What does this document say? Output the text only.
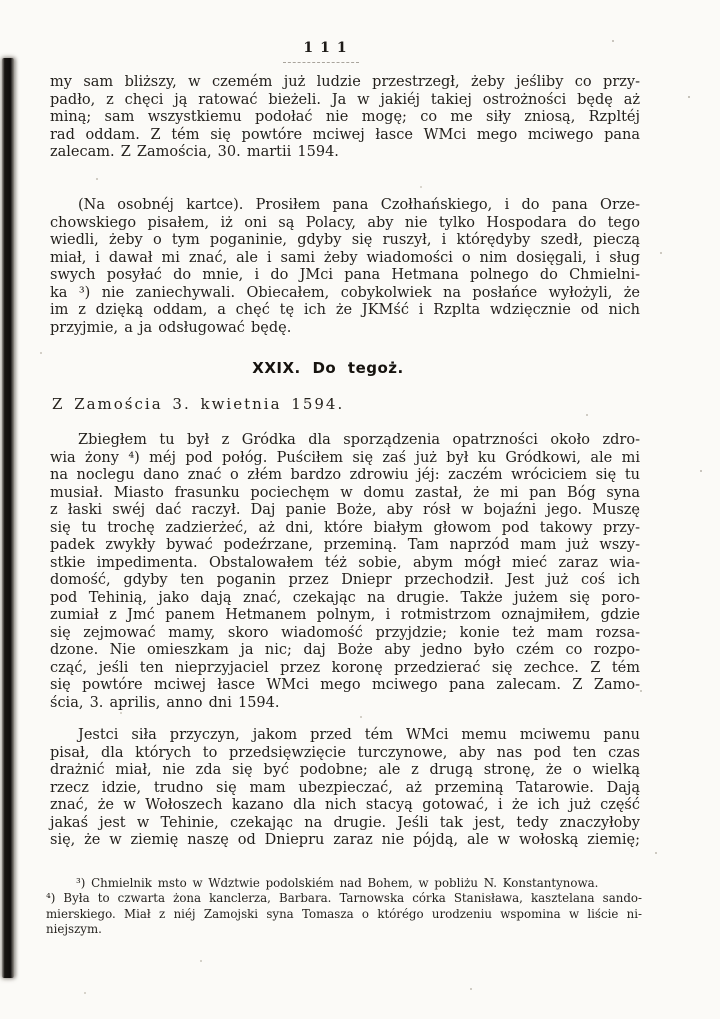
111
my sam bliższy, w czemém już ludzie przestrzegł, żeby jeśliby co przy-
padło, z chęci ją ratować bieżeli. Ja w jakiéj takiej ostrożności będę aż
miną; sam wszystkiemu podołać nie mogę; co me siły zniosą, Rzpltéj
rad oddam. Z tém się powtóre mciwej łasce WMci mego mciwego pana
zalecam. Z Zamościa, 30. martii 1594.
(Na osobnéj kartce). Prosiłem pana Czołhańskiego, i do pana Orze-
chowskiego pisałem, iż oni są Polacy, aby nie tylko Hospodara do tego
wiedli, żeby o tym poganinie, gdyby się ruszył, i którędyby szedł, pieczą
miał, i dawał mi znać, ale i sami żeby wiadomości o nim dosięgali, i sług
swych posyłać do mnie, i do JMci pana Hetmana polnego do Chmielni-
ka ³) nie zaniechywali. Obiecałem, cobykolwiek na posłańce wyłożyli, że
im z dzięką oddam, a chęć tę ich że JKMść i Rzplta wdzięcznie od nich
przyjmie, a ja odsługować będę.
XXIX. Do tegoż.
Z Zamościa 3. kwietnia 1594.
Zbiegłem tu był z Gródka dla sporządzenia opatrzności około zdro-
wia żony ⁴) méj pod połóg. Puściłem się zaś już był ku Gródkowi, ale mi
na noclegu dano znać o złém bardzo zdrowiu jéj: zaczém wróciciem się tu
musiał. Miasto frasunku pociechęm w domu zastał, że mi pan Bóg syna
z łaski swéj dać raczył. Daj panie Boże, aby rósł w bojaźni jego. Muszę
się tu trochę zadzierżeć, aż dni, które białym głowom pod takowy przy-
padek zwykły bywać podeźrzane, przeminą. Tam naprzód mam już wszy-
stkie impedimenta. Obstalowałem téż sobie, abym mógł mieć zaraz wia-
domość, gdyby ten poganin przez Dniepr przechodził. Jest już coś ich
pod Tehinią, jako dają znać, czekając na drugie. Także jużem się poro-
zumiał z Jmć panem Hetmanem polnym, i rotmistrzom oznajmiłem, gdzie
się zejmować mamy, skoro wiadomość przyjdzie; konie też mam rozsa-
dzone. Nie omieszkam ja nic; daj Boże aby jedno było czém co rozpo-
cząć, jeśli ten nieprzyjaciel przez koronę przedzierać się zechce. Z tém
się powtóre mciwej łasce WMci mego mciwego pana zalecam. Z Zamo-
ścia, 3. aprilis, anno dni 1594.
Jestci siła przyczyn, jakom przed tém WMci memu mciwemu panu
pisał, dla których to przedsięwzięcie turczynowe, aby nas pod ten czas
drażnić miał, nie zda się być podobne; ale z drugą stronę, że o wielką
rzecz idzie, trudno się mam ubezpieczać, aż przeminą Tatarowie. Dają
znać, że w Wołoszech kazano dla nich stacyą gotować, i że ich już część
jakaś jest w Tehinie, czekając na drugie. Jeśli tak jest, tedy znaczyłoby
się, że w ziemię naszę od Dniepru zaraz nie pójdą, ale w wołoską ziemię;
³) Chmielnik msto w Wdztwie podolskiém nad Bohem, w pobliżu N. Konstantynowa.
⁴) Była to czwarta żona kanclerza, Barbara. Tarnowska córka Stanisława, kasztelana sando-
mierskiego. Miał z niéj Zamojski syna Tomasza o którégo urodzeniu wspomina w liście ni-
niejszym.
